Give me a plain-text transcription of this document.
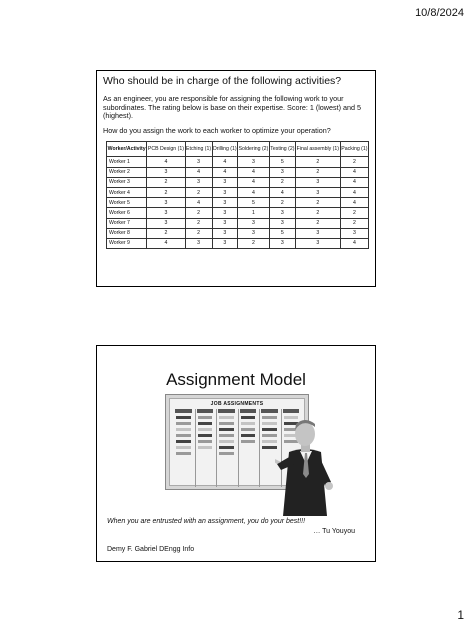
10/8/2024
Who should be in charge of the following activities?

As an engineer, you are responsible for assigning the following work to your subordinates. The rating below is base on their expertise. Score: 1 (lowest) and 5 (highest).

How do you assign the work to each worker to optimize your operation?

Worker/Activity	PCB Design (1)	Etching (1)	Drilling (1)	Soldering (2)	Testing (2)	Final assembly (1)	Packing (1)
Worker 1	4	3	4	3	5	2	2
Worker 2	3	4	4	4	3	2	4
Worker 3	2	3	3	4	2	3	4
Worker 4	2	2	3	4	4	3	4
Worker 5	3	4	3	5	2	2	4
Worker 6	3	2	3	1	3	2	2
Worker 7	3	2	3	3	3	2	2
Worker 8	2	2	3	3	5	3	3
Worker 9	4	3	3	2	3	3	4
Assignment Model
JOB ASSIGNMENTS
When you are entrusted with an assignment, you do your best!!!
… Tu Youyou
Demy F. Gabriel DEngg Info
1
